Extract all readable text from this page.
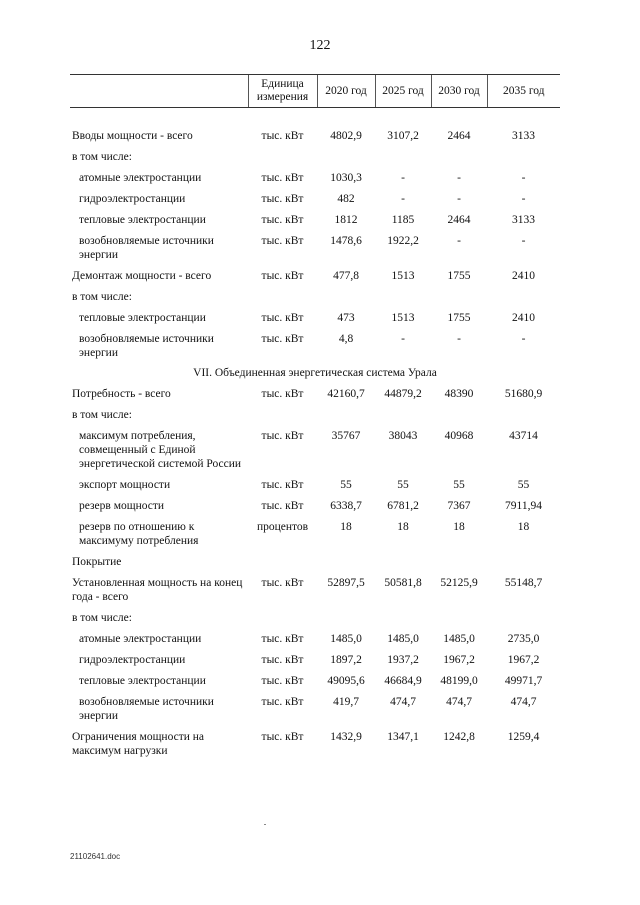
122
	Единица измерения	2020 год	2025 год	2030 год	2035 год

Вводы мощности - всего	тыс. кВт	4802,9	3107,2	2464	3133
в том числе:					
атомные электростанции	тыс. кВт	1030,3	-	-	-
гидроэлектростанции	тыс. кВт	482	-	-	-
тепловые электростанции	тыс. кВт	1812	1185	2464	3133
возобновляемые источники энергии	тыс. кВт	1478,6	1922,2	-	-
Демонтаж мощности - всего	тыс. кВт	477,8	1513	1755	2410
в том числе:					
тепловые электростанции	тыс. кВт	473	1513	1755	2410
возобновляемые источники энергии	тыс. кВт	4,8	-	-	-
VII. Объединенная энергетическая система Урала					
Потребность - всего	тыс. кВт	42160,7	44879,2	48390	51680,9
в том числе:					
максимум потребления, совмещенный с Единой энергетической системой России	тыс. кВт	35767	38043	40968	43714
экспорт мощности	тыс. кВт	55	55	55	55
резерв мощности	тыс. кВт	6338,7	6781,2	7367	7911,94
резерв по отношению к максимуму потребления	процентов	18	18	18	18
Покрытие					
Установленная мощность на конец года - всего	тыс. кВт	52897,5	50581,8	52125,9	55148,7
в том числе:					
атомные электростанции	тыс. кВт	1485,0	1485,0	1485,0	2735,0
гидроэлектростанции	тыс. кВт	1897,2	1937,2	1967,2	1967,2
тепловые электростанции	тыс. кВт	49095,6	46684,9	48199,0	49971,7
возобновляемые источники энергии	тыс. кВт	419,7	474,7	474,7	474,7
Ограничения мощности на максимум нагрузки	тыс. кВт	1432,9	1347,1	1242,8	1259,4
21102641.doc
